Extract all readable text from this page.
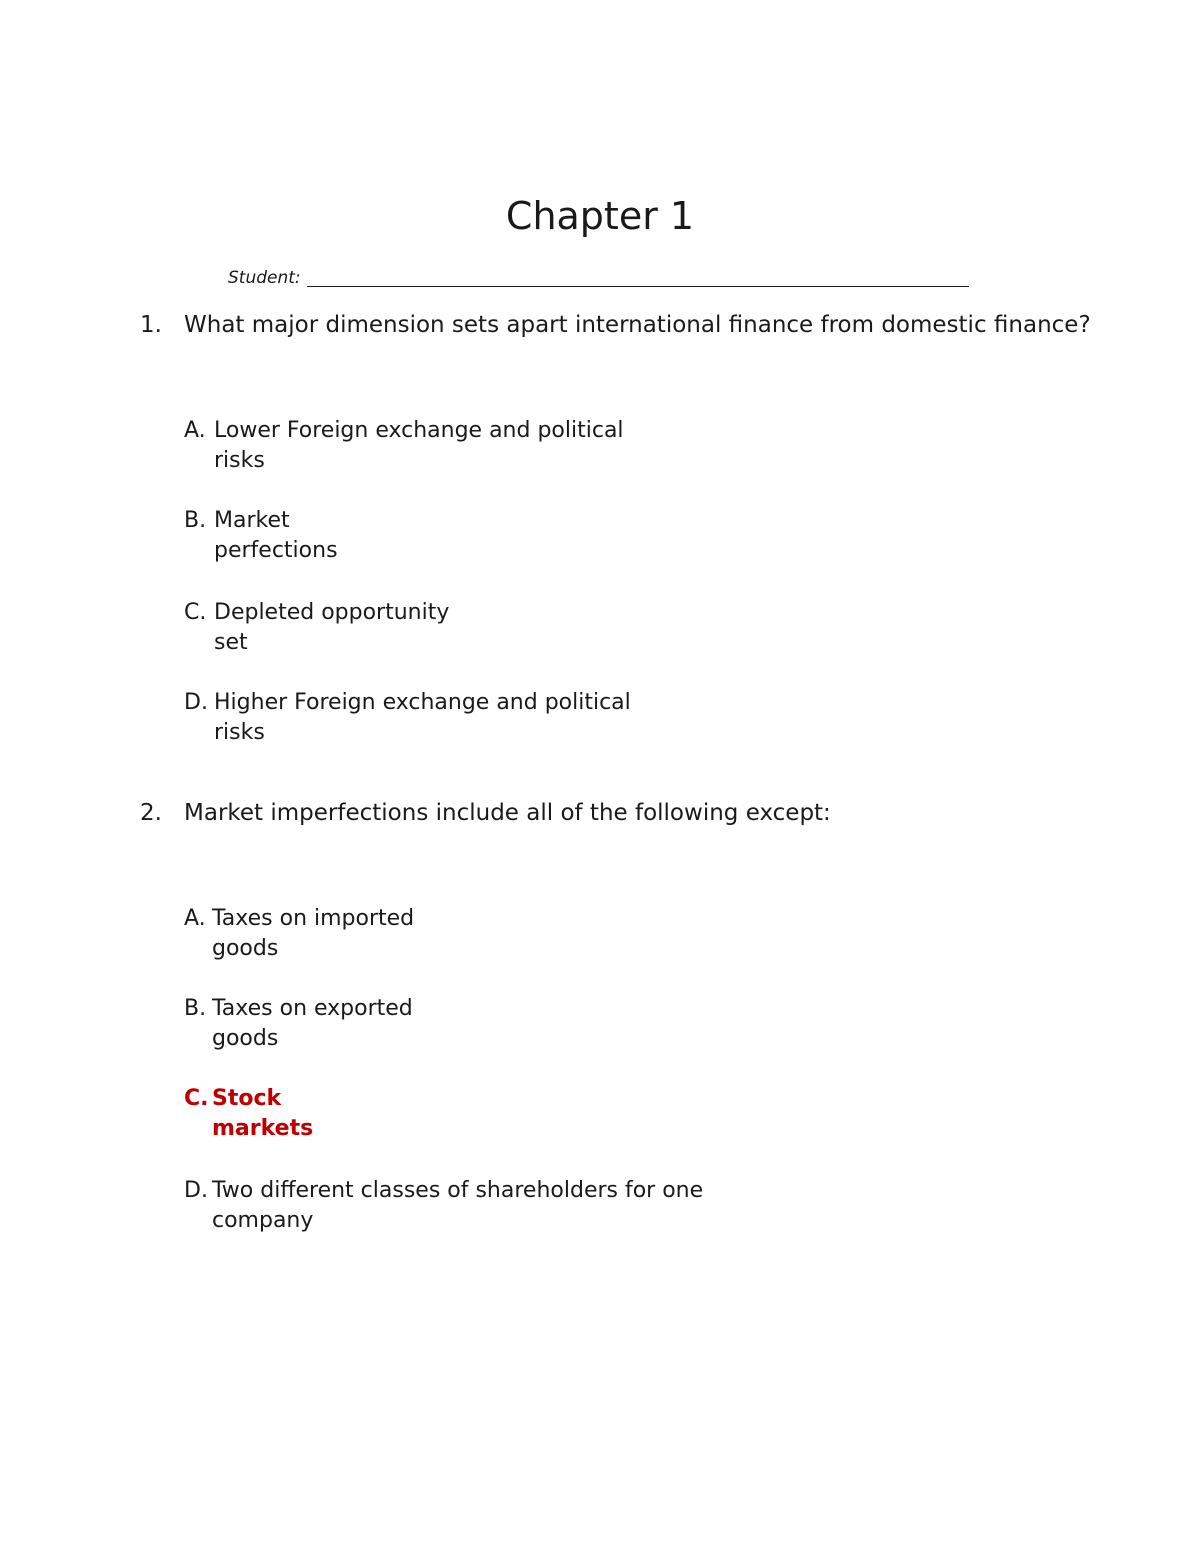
Chapter 1
Student:
1. What major dimension sets apart international finance from domestic finance?
A. Lower Foreign exchange and political risks
B. Market perfections
C. Depleted opportunity set
D. Higher Foreign exchange and political risks
2. Market imperfections include all of the following except:
A. Taxes on imported goods
B. Taxes on exported goods
C. Stock markets
D. Two different classes of shareholders for one company
